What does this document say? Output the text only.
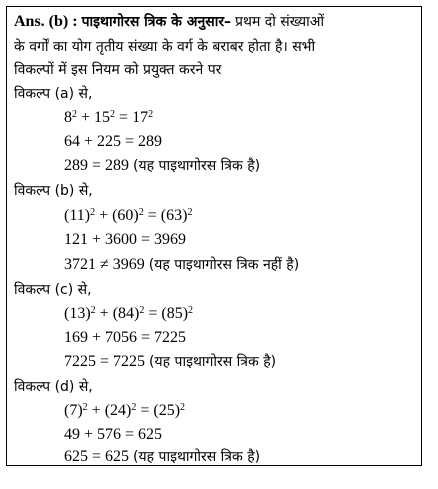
Ans. (b) : पाइथागोरस त्रिक के अनुसार– प्रथम दो संख्याओं
के वर्गों का योग तृतीय संख्या के वर्ग के बराबर होता है। सभी
विकल्पों में इस नियम को प्रयुक्त करने पर
विकल्प (a) से,
$8^2 + 15^2 = 17^2$
64 + 225 = 289
289 = 289 (यह पाइथागोरस त्रिक है)
विकल्प (b) से,
$(11)^2 + (60)^2 = (63)^2$
121 + 3600 = 3969
3721 ≠ 3969 (यह पाइथागोरस त्रिक नहीं है)
विकल्प (c) से,
$(13)^2 + (84)^2 = (85)^2$
169 + 7056 = 7225
7225 = 7225 (यह पाइथागोरस त्रिक है)
विकल्प (d) से,
$(7)^2 + (24)^2 = (25)^2$
49 + 576 = 625
625 = 625 (यह पाइथागोरस त्रिक है)
